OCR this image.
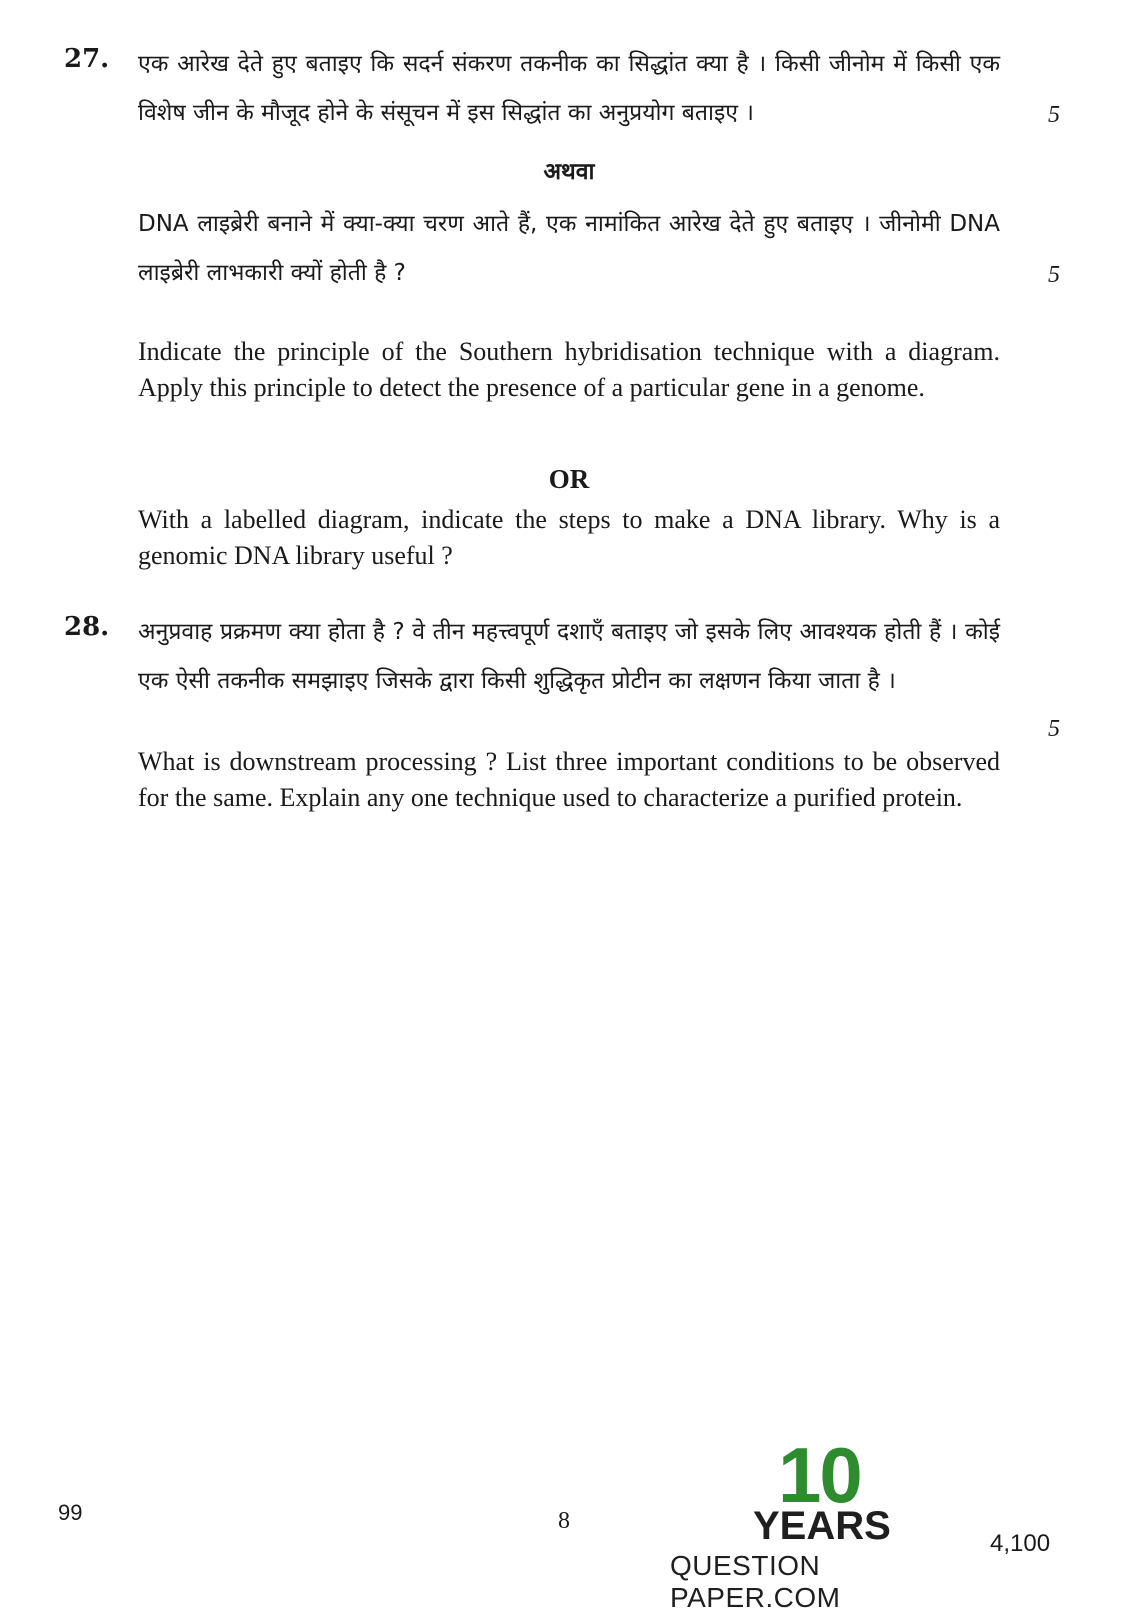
27. एक आरेख देते हुए बताइए कि सदर्न संकरण तकनीक का सिद्धांत क्या है । किसी जीनोम में किसी एक विशेष जीन के मौजूद होने के संसूचन में इस सिद्धांत का अनुप्रयोग बताइए ।	5
अथवा

DNA लाइब्रेरी बनाने में क्या-क्या चरण आते हैं, एक नामांकित आरेख देते हुए बताइए । जीनोमी DNA लाइब्रेरी लाभकारी क्यों होती है ?	5

Indicate the principle of the Southern hybridisation technique with a diagram. Apply this principle to detect the presence of a particular gene in a genome.

OR

With a labelled diagram, indicate the steps to make a DNA library. Why is a genomic DNA library useful ?

28. अनुप्रवाह प्रक्रमण क्या होता है ? वे तीन महत्त्वपूर्ण दशाएँ बताइए जो इसके लिए आवश्यक होती हैं । कोई एक ऐसी तकनीक समझाइए जिसके द्वारा किसी शुद्धिकृत प्रोटीन का लक्षणन किया जाता है ।

5

What is downstream processing ? List three important conditions to be observed for the same. Explain any one technique used to characterize a purified protein.

99	8
4,100
10
YEARS
QUESTION PAPER.COM
